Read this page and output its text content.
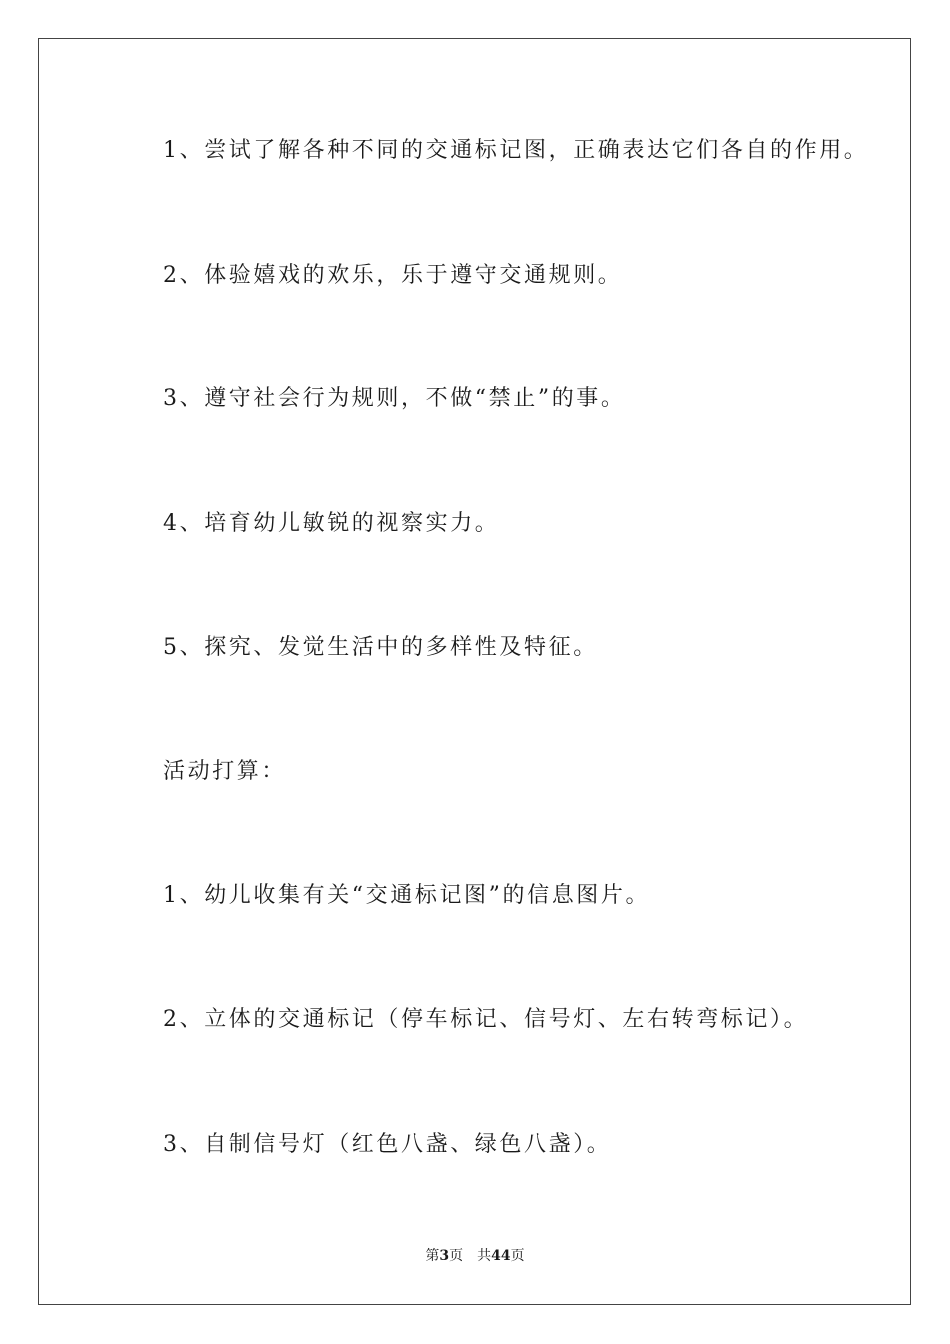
1、尝试了解各种不同的交通标记图，正确表达它们各自的作用。
2、体验嬉戏的欢乐，乐于遵守交通规则。
3、遵守社会行为规则，不做“禁止”的事。
4、培育幼儿敏锐的视察实力。
5、探究、发觉生活中的多样性及特征。
活动打算：
1、幼儿收集有关“交通标记图”的信息图片。
2、立体的交通标记（停车标记、信号灯、左右转弯标记）。
3、自制信号灯（红色八盏、绿色八盏）。
第3页 共44页
